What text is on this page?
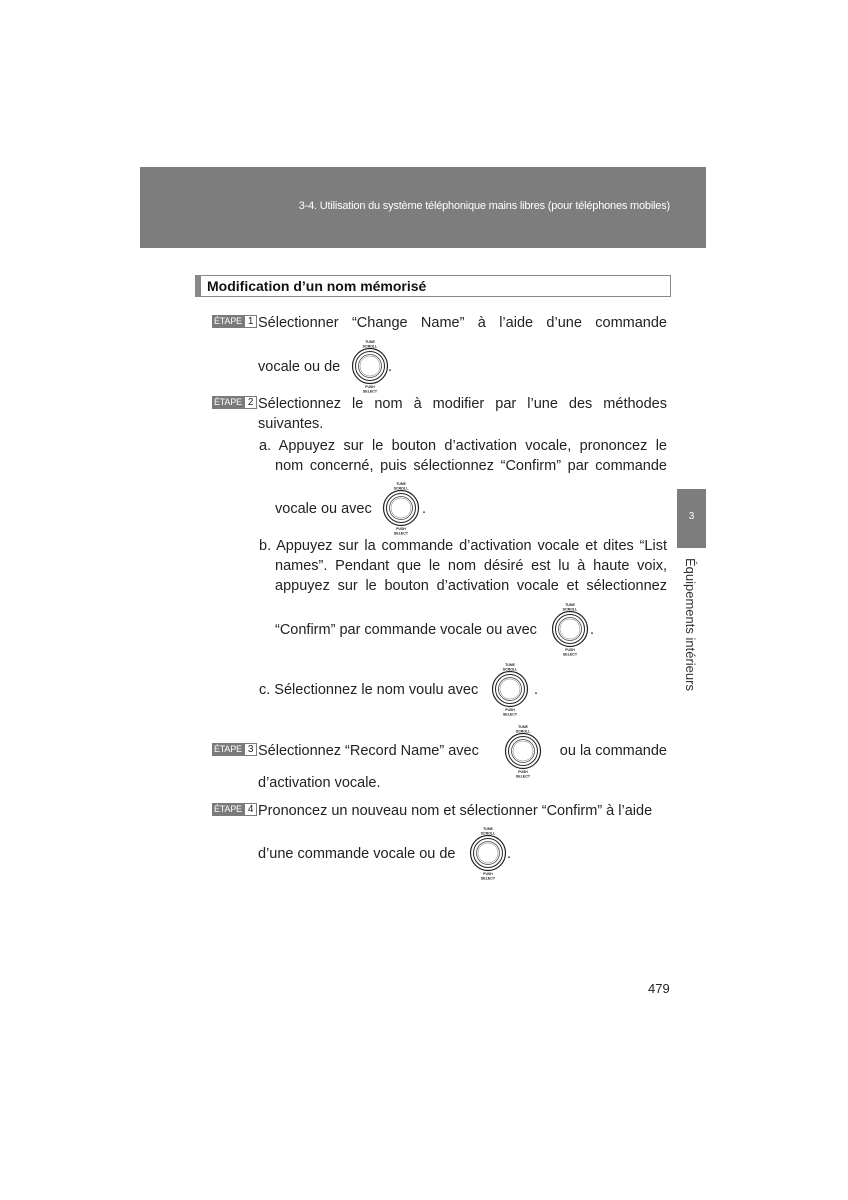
3-4. Utilisation du système téléphonique mains libres (pour téléphones mobiles)
Modification d’un nom mémorisé
ÉTAPE 1 Sélectionner “Change Name” à l’aide d’une commande
vocale ou de
TUNE
SCROLL
PUSH
SELECT
.
ÉTAPE 2 Sélectionnez le nom à modifier par l’une des méthodes
suivantes.
a. Appuyez sur le bouton d’activation vocale, prononcez le
nom concerné, puis sélectionnez “Confirm” par commande
vocale ou avec
TUNE
SCROLL
PUSH
SELECT
.
b. Appuyez sur la commande d’activation vocale et dites “List
names”. Pendant que le nom désiré est lu à haute voix,
appuyez sur le bouton d’activation vocale et sélectionnez
“Confirm” par commande vocale ou avec
TUNE
SCROLL
PUSH
SELECT
.
c. Sélectionnez le nom voulu avec
TUNE
SCROLL
PUSH
SELECT
.
ÉTAPE 3 Sélectionnez “Record Name” avec
TUNE
SCROLL
PUSH
SELECT
ou la commande
d’activation vocale.
ÉTAPE 4 Prononcez un nouveau nom et sélectionner “Confirm” à l’aide
d’une commande vocale ou de
TUNE
SCROLL
PUSH
SELECT
.
3
Équipements intérieurs
479
